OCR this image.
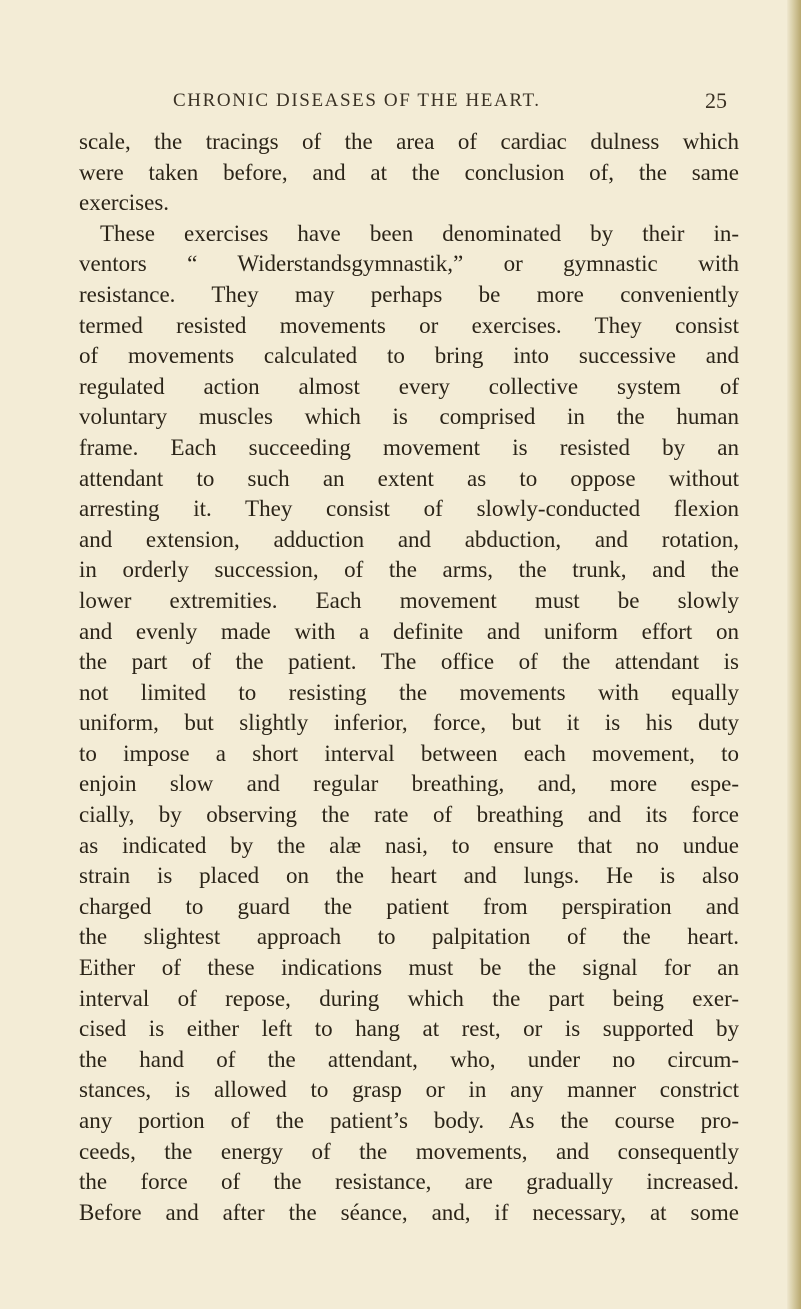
CHRONIC DISEASES OF THE HEART.	25
scale, the tracings of the area of cardiac dulness which
were taken before, and at the conclusion of, the same
exercises.
These exercises have been denominated by their in-
ventors “ Widerstandsgymnastik,” or gymnastic with
resistance. They may perhaps be more conveniently
termed resisted movements or exercises. They consist
of movements calculated to bring into successive and
regulated action almost every collective system of
voluntary muscles which is comprised in the human
frame. Each succeeding movement is resisted by an
attendant to such an extent as to oppose without
arresting it. They consist of slowly-conducted flexion
and extension, adduction and abduction, and rotation,
in orderly succession, of the arms, the trunk, and the
lower extremities. Each movement must be slowly
and evenly made with a definite and uniform effort on
the part of the patient. The office of the attendant is
not limited to resisting the movements with equally
uniform, but slightly inferior, force, but it is his duty
to impose a short interval between each movement, to
enjoin slow and regular breathing, and, more espe-
cially, by observing the rate of breathing and its force
as indicated by the alæ nasi, to ensure that no undue
strain is placed on the heart and lungs. He is also
charged to guard the patient from perspiration and
the slightest approach to palpitation of the heart.
Either of these indications must be the signal for an
interval of repose, during which the part being exer-
cised is either left to hang at rest, or is supported by
the hand of the attendant, who, under no circum-
stances, is allowed to grasp or in any manner constrict
any portion of the patient’s body. As the course pro-
ceeds, the energy of the movements, and consequently
the force of the resistance, are gradually increased.
Before and after the séance, and, if necessary, at some
